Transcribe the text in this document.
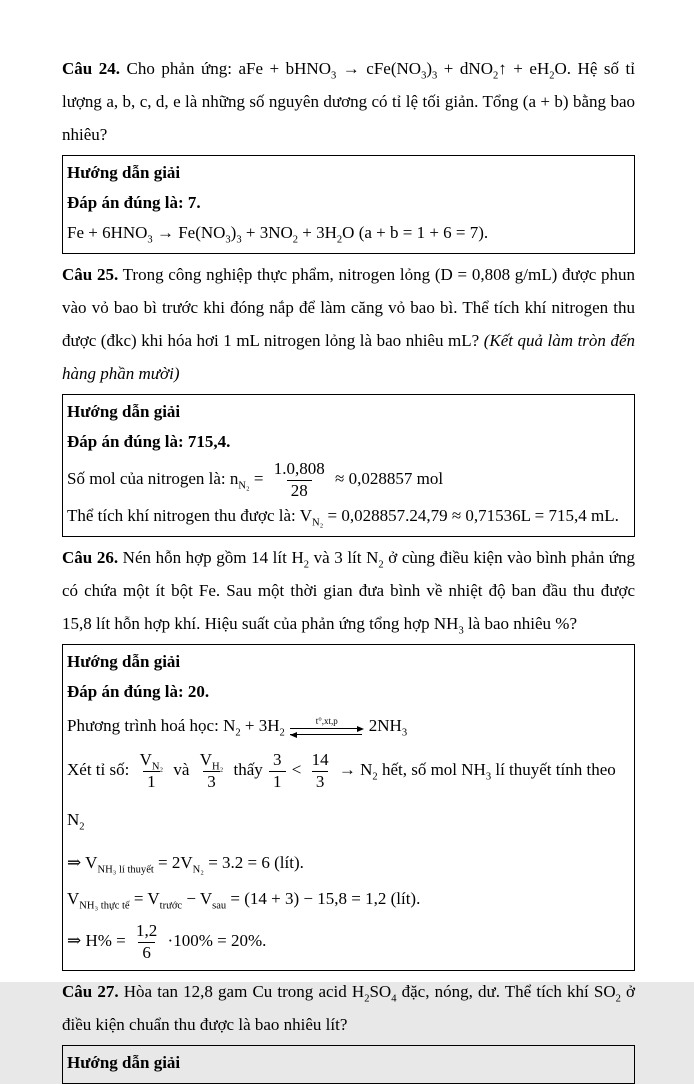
Câu 24. Cho phản ứng: aFe + bHNO$_3$ → $cFe(NO_3)_3$ + dNO$_2$↑ + $eH_2O$. Hệ số tỉ lượng a, b, c, d, e là những số nguyên dương có tỉ lệ tối giản. Tổng (a + b) bằng bao nhiêu?

Hướng dẫn giải
Đáp án đúng là: 7.
$Fe + 6HNO_3 \to Fe(NO_3)_3 + 3NO_2 + 3H_2O$ (a + b = 1 + 6 = 7).

Câu 25. Trong công nghiệp thực phẩm, nitrogen lỏng (D = 0,808 g/mL) được phun vào vỏ bao bì trước khi đóng nắp để làm căng vỏ bao bì. Thể tích khí nitrogen thu được (đkc) khi hóa hơi 1 mL nitrogen lỏng là bao nhiêu mL? (Kết quả làm tròn đến hàng phần mười)

Hướng dẫn giải
Đáp án đúng là: 715,4.
Số mol của nitrogen là: $n_{N_2} = \frac{1.0,808}{28} \approx 0,028857$ mol
Thể tích khí nitrogen thu được là: $V_{N_2} = 0,028857.24,79 \approx 0,71536L = 715,4$ mL.

Câu 26. Nén hỗn hợp gồm 14 lít $H_2$ và 3 lít $N_2$ ở cùng điều kiện vào bình phản ứng có chứa một ít bột Fe. Sau một thời gian đưa bình về nhiệt độ ban đầu thu được 15,8 lít hỗn hợp khí. Hiệu suất của phản ứng tổng hợp $NH_3$ là bao nhiêu %?

Hướng dẫn giải
Đáp án đúng là: 20.
Phương trình hoá học: $N_2 + 3H_2$
t°,xt,p $2NH_3$
Xét tỉ số: $\frac{V_{N_2}}{1}$ và $\frac{V_{H_2}}{3}$ thấy $\frac{3}{1} < \frac{14}{3} \to N_2$ hết, số mol $NH_3$ lí thuyết tính theo $N_2$
⇒ $V_{NH_3 lí thuyết} = 2V_{N_2} = 3.2 = 6$ (lít).
$V_{NH_3 thực tế} = V_{trước} - V_{sau} = (14 + 3) - 15,8 = 1,2$ (lít).
⇒ $H\% = \frac{1,2}{6} \cdot 100\% = 20\%$.

Câu 27. Hòa tan 12,8 gam Cu trong acid $H_2SO_4$ đặc, nóng, dư. Thể tích khí $SO_2$ ở điều kiện chuẩn thu được là bao nhiêu lít?

Hướng dẫn giải
